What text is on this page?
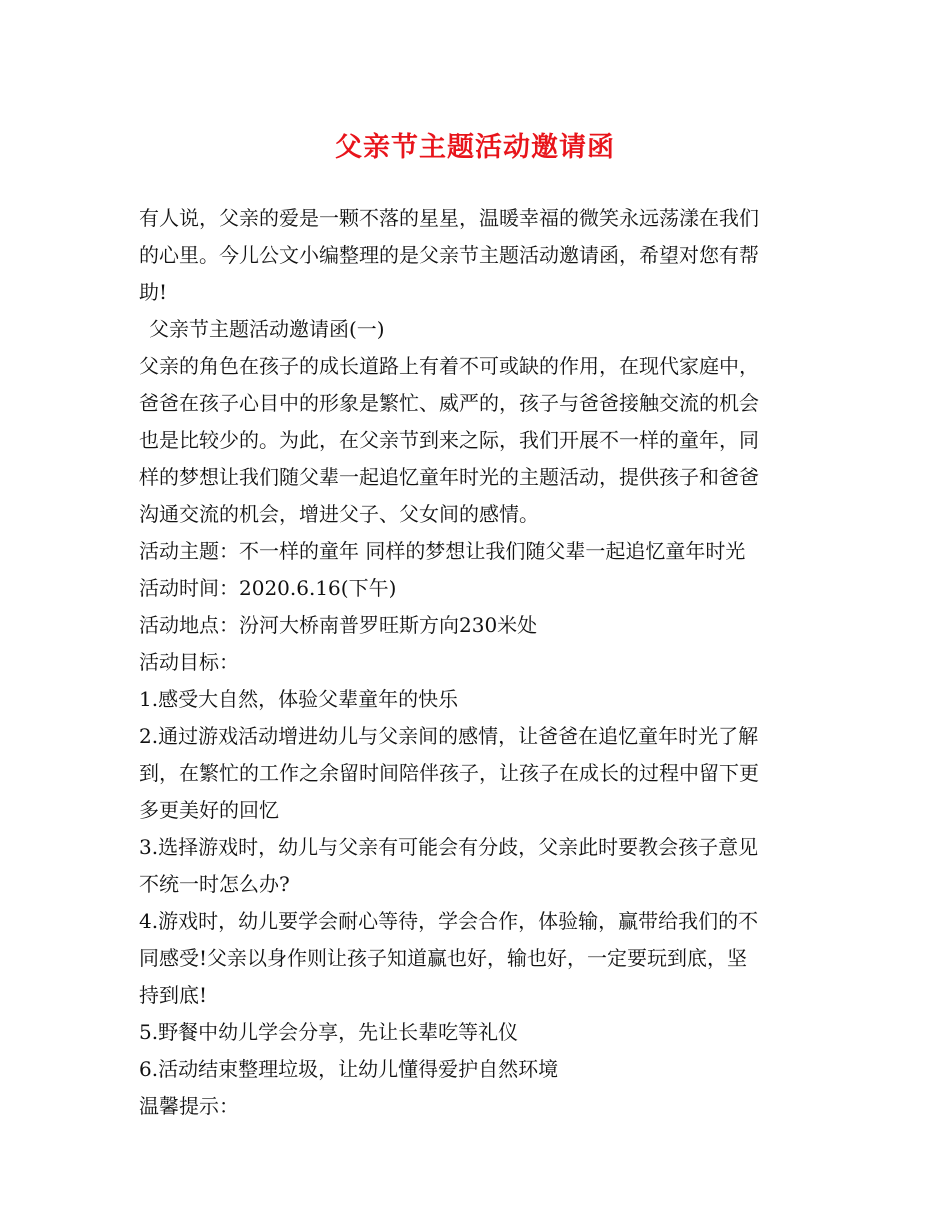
父亲节主题活动邀请函
有人说，父亲的爱是一颗不落的星星，温暖幸福的微笑永远荡漾在我们
的心里。今儿公文小编整理的是父亲节主题活动邀请函，希望对您有帮
助!
父亲节主题活动邀请函(一)
父亲的角色在孩子的成长道路上有着不可或缺的作用，在现代家庭中，
爸爸在孩子心目中的形象是繁忙、威严的，孩子与爸爸接触交流的机会
也是比较少的。为此，在父亲节到来之际，我们开展不一样的童年，同
样的梦想让我们随父辈一起追忆童年时光的主题活动，提供孩子和爸爸
沟通交流的机会，增进父子、父女间的感情。
活动主题：不一样的童年 同样的梦想让我们随父辈一起追忆童年时光
活动时间：2020.6.16(下午)
活动地点：汾河大桥南普罗旺斯方向230米处
活动目标：
1.感受大自然，体验父辈童年的快乐
2.通过游戏活动增进幼儿与父亲间的感情，让爸爸在追忆童年时光了解
到，在繁忙的工作之余留时间陪伴孩子，让孩子在成长的过程中留下更
多更美好的回忆
3.选择游戏时，幼儿与父亲有可能会有分歧，父亲此时要教会孩子意见
不统一时怎么办?
4.游戏时，幼儿要学会耐心等待，学会合作，体验输，赢带给我们的不
同感受!父亲以身作则让孩子知道赢也好，输也好，一定要玩到底，坚
持到底!
5.野餐中幼儿学会分享，先让长辈吃等礼仪
6.活动结束整理垃圾，让幼儿懂得爱护自然环境
温馨提示：
